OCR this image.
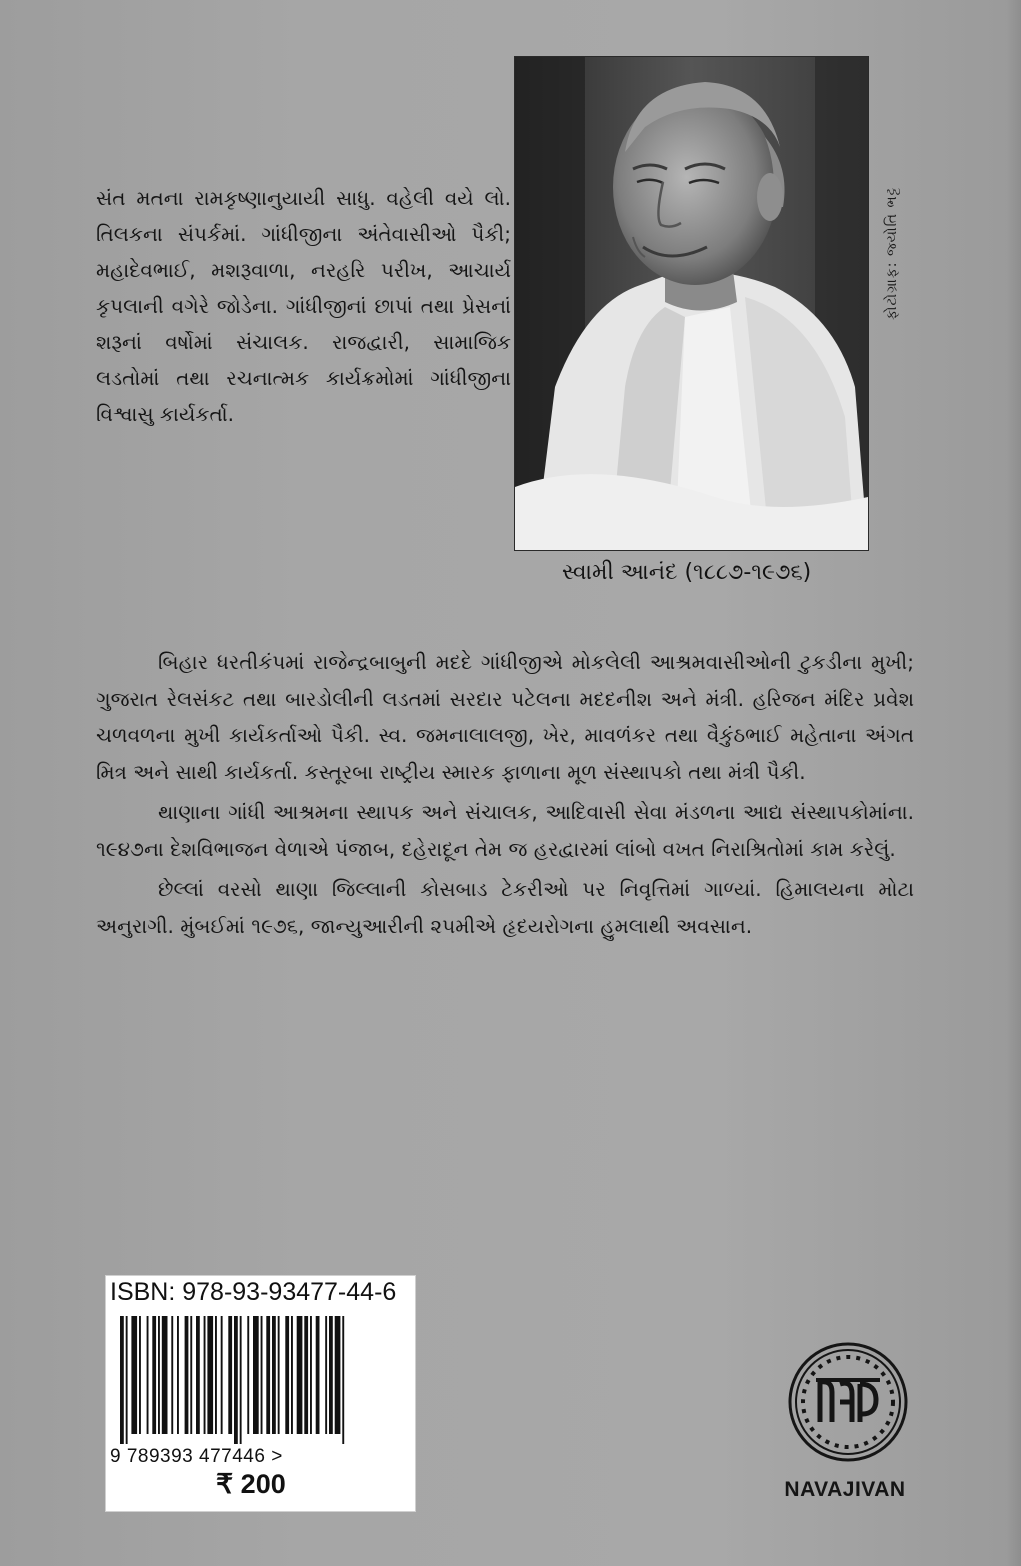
ફોટોગ્રાફ: જ્યોતિ ભટ્ટ
સ્વામી આનંદ (૧૮૮૭-૧૯૭૬)

સંત મતના રામકૃષ્ણાનુયાયી સાધુ. વહેલી વયે લો. તિલકના સંપર્કમાં. ગાંધીજીના અંતેવાસીઓ પૈકી; મહાદેવભાઈ, મશરૂવાળા, નરહરિ પરીખ, આચાર્ય કૃપલાની વગેરે જોડેના. ગાંધીજીનાં છાપાં તથા પ્રેસનાં શરૂનાં વર્ષોમાં સંચાલક. રાજદ્વારી, સામાજિક લડતોમાં તથા રચનાત્મક કાર્યક્રમોમાં ગાંધીજીના વિશ્વાસુ કાર્યકર્તા.

બિહાર ધરતીકંપમાં રાજેન્દ્રબાબુની મદદે ગાંધીજીએ મોકલેલી આશ્રમવાસીઓની ટુકડીના મુખી; ગુજરાત રેલસંકટ તથા બારડોલીની લડતમાં સરદાર પટેલના મદદનીશ અને મંત્રી. હરિજન મંદિર પ્રવેશ ચળવળના મુખી કાર્યકર્તાઓ પૈકી. સ્વ. જમનાલાલજી, ખેર, માવળંકર તથા વૈકુંઠભાઈ મહેતાના અંગત મિત્ર અને સાથી કાર્યકર્તા. કસ્તૂરબા રાષ્ટ્રીય સ્મારક ફાળાના મૂળ સંસ્થાપકો તથા મંત્રી પૈકી.

થાણાના ગાંધી આશ્રમના સ્થાપક અને સંચાલક, આદિવાસી સેવા મંડળના આદ્ય સંસ્થાપકોમાંના. ૧૯૪૭ના દેશવિભાજન વેળાએ પંજાબ, દહેરાદૂન તેમ જ હરદ્વારમાં લાંબો વખત નિરાશ્રિતોમાં કામ કરેલું.

છેલ્લાં વરસો થાણા જિલ્લાની કોસબાડ ટેકરીઓ પર નિવૃત્તિમાં ગાળ્યાં. હિમાલયના મોટા અનુરાગી. મુંબઈમાં ૧૯૭૬, જાન્યુઆરીની ૨૫મીએ હૃદયરોગના હુમલાથી અવસાન.

ISBN: 978-93-93477-44-6
9 789393 477446 >
₹ 200	NAVAJIVAN
